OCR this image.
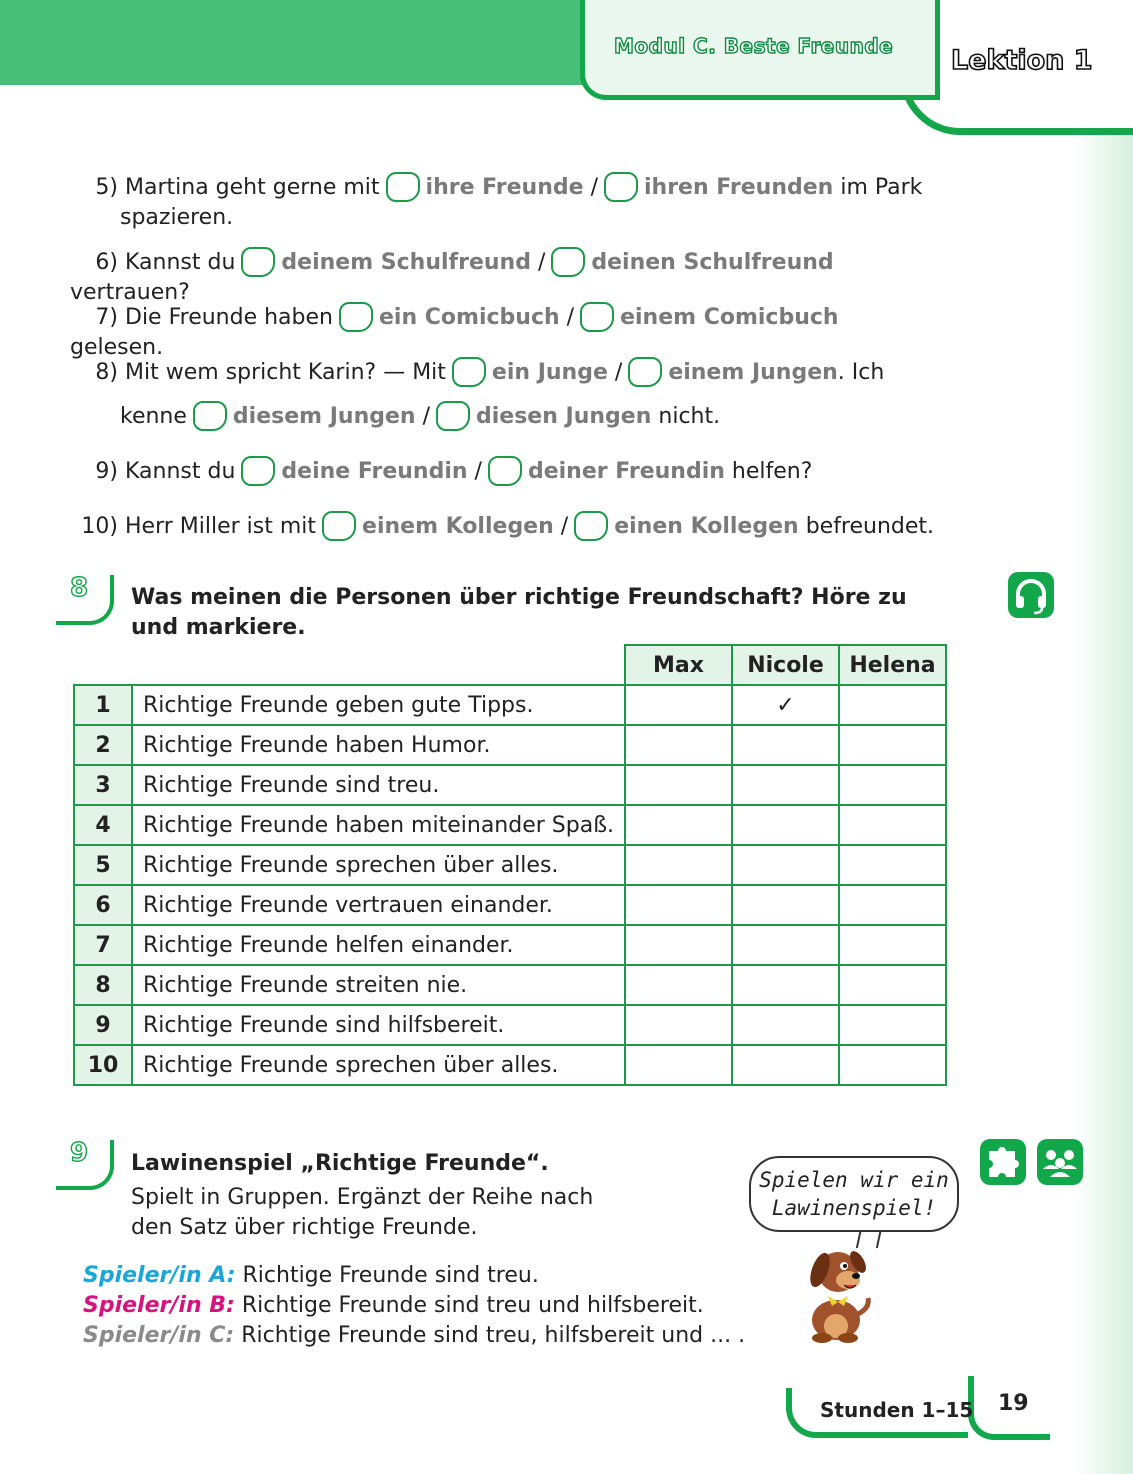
Modul C. Beste Freunde Lektion 1
5) Martina geht gerne mit ihre Freunde / ihren Freunden im Park
spazieren.
6) Kannst du deinem Schulfreund / deinen Schulfreund vertrauen?
7) Die Freunde haben ein Comicbuch / einem Comicbuch gelesen.
8) Mit wem spricht Karin? — Mit ein Junge / einem Jungen. Ich
kenne diesem Jungen / diesen Jungen nicht.
9) Kannst du deine Freundin / deiner Freundin helfen?
10) Herr Miller ist mit einem Kollegen / einen Kollegen befreundet.
8 Was meinen die Personen über richtige Freundschaft? Höre zu
und markiere.
		Max	Nicole	Helena
1	Richtige Freunde geben gute Tipps.		✓	
2	Richtige Freunde haben Humor.			
3	Richtige Freunde sind treu.			
4	Richtige Freunde haben miteinander Spaß.			
5	Richtige Freunde sprechen über alles.			
6	Richtige Freunde vertrauen einander.			
7	Richtige Freunde helfen einander.			
8	Richtige Freunde streiten nie.			
9	Richtige Freunde sind hilfsbereit.			
10	Richtige Freunde sprechen über alles.			
9 Lawinenspiel „Richtige Freunde“.
Spielt in Gruppen. Ergänzt der Reihe nach
den Satz über richtige Freunde.
Spieler/in A: Richtige Freunde sind treu.
Spieler/in B: Richtige Freunde sind treu und hilfsbereit.
Spieler/in C: Richtige Freunde sind treu, hilfsbereit und ... .
Spielen wir ein
Lawinenspiel!
Stunden 1–15 19
